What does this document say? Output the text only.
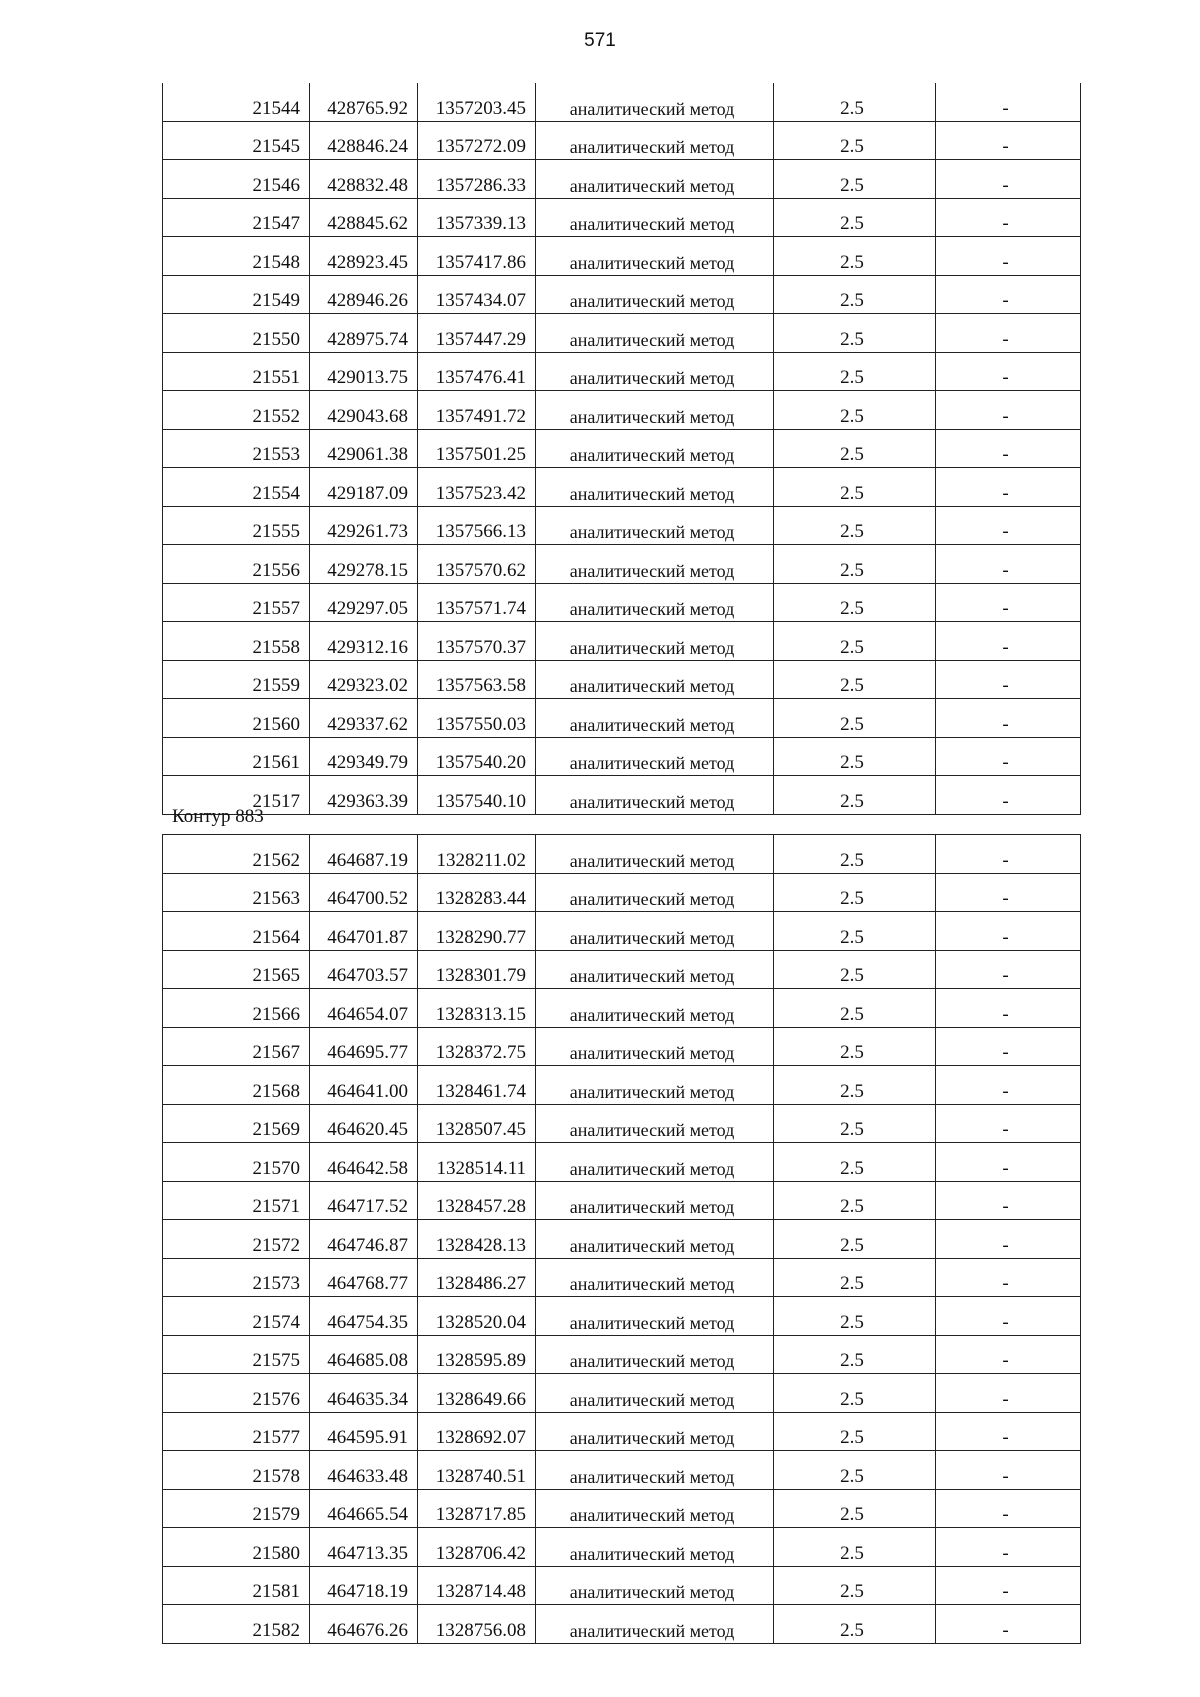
571
21544	428765.92	1357203.45	аналитический метод	2.5	-
21545	428846.24	1357272.09	аналитический метод	2.5	-
21546	428832.48	1357286.33	аналитический метод	2.5	-
21547	428845.62	1357339.13	аналитический метод	2.5	-
21548	428923.45	1357417.86	аналитический метод	2.5	-
21549	428946.26	1357434.07	аналитический метод	2.5	-
21550	428975.74	1357447.29	аналитический метод	2.5	-
21551	429013.75	1357476.41	аналитический метод	2.5	-
21552	429043.68	1357491.72	аналитический метод	2.5	-
21553	429061.38	1357501.25	аналитический метод	2.5	-
21554	429187.09	1357523.42	аналитический метод	2.5	-
21555	429261.73	1357566.13	аналитический метод	2.5	-
21556	429278.15	1357570.62	аналитический метод	2.5	-
21557	429297.05	1357571.74	аналитический метод	2.5	-
21558	429312.16	1357570.37	аналитический метод	2.5	-
21559	429323.02	1357563.58	аналитический метод	2.5	-
21560	429337.62	1357550.03	аналитический метод	2.5	-
21561	429349.79	1357540.20	аналитический метод	2.5	-
21517	429363.39	1357540.10	аналитический метод	2.5	-
Контур 883
21562	464687.19	1328211.02	аналитический метод	2.5	-
21563	464700.52	1328283.44	аналитический метод	2.5	-
21564	464701.87	1328290.77	аналитический метод	2.5	-
21565	464703.57	1328301.79	аналитический метод	2.5	-
21566	464654.07	1328313.15	аналитический метод	2.5	-
21567	464695.77	1328372.75	аналитический метод	2.5	-
21568	464641.00	1328461.74	аналитический метод	2.5	-
21569	464620.45	1328507.45	аналитический метод	2.5	-
21570	464642.58	1328514.11	аналитический метод	2.5	-
21571	464717.52	1328457.28	аналитический метод	2.5	-
21572	464746.87	1328428.13	аналитический метод	2.5	-
21573	464768.77	1328486.27	аналитический метод	2.5	-
21574	464754.35	1328520.04	аналитический метод	2.5	-
21575	464685.08	1328595.89	аналитический метод	2.5	-
21576	464635.34	1328649.66	аналитический метод	2.5	-
21577	464595.91	1328692.07	аналитический метод	2.5	-
21578	464633.48	1328740.51	аналитический метод	2.5	-
21579	464665.54	1328717.85	аналитический метод	2.5	-
21580	464713.35	1328706.42	аналитический метод	2.5	-
21581	464718.19	1328714.48	аналитический метод	2.5	-
21582	464676.26	1328756.08	аналитический метод	2.5	-
